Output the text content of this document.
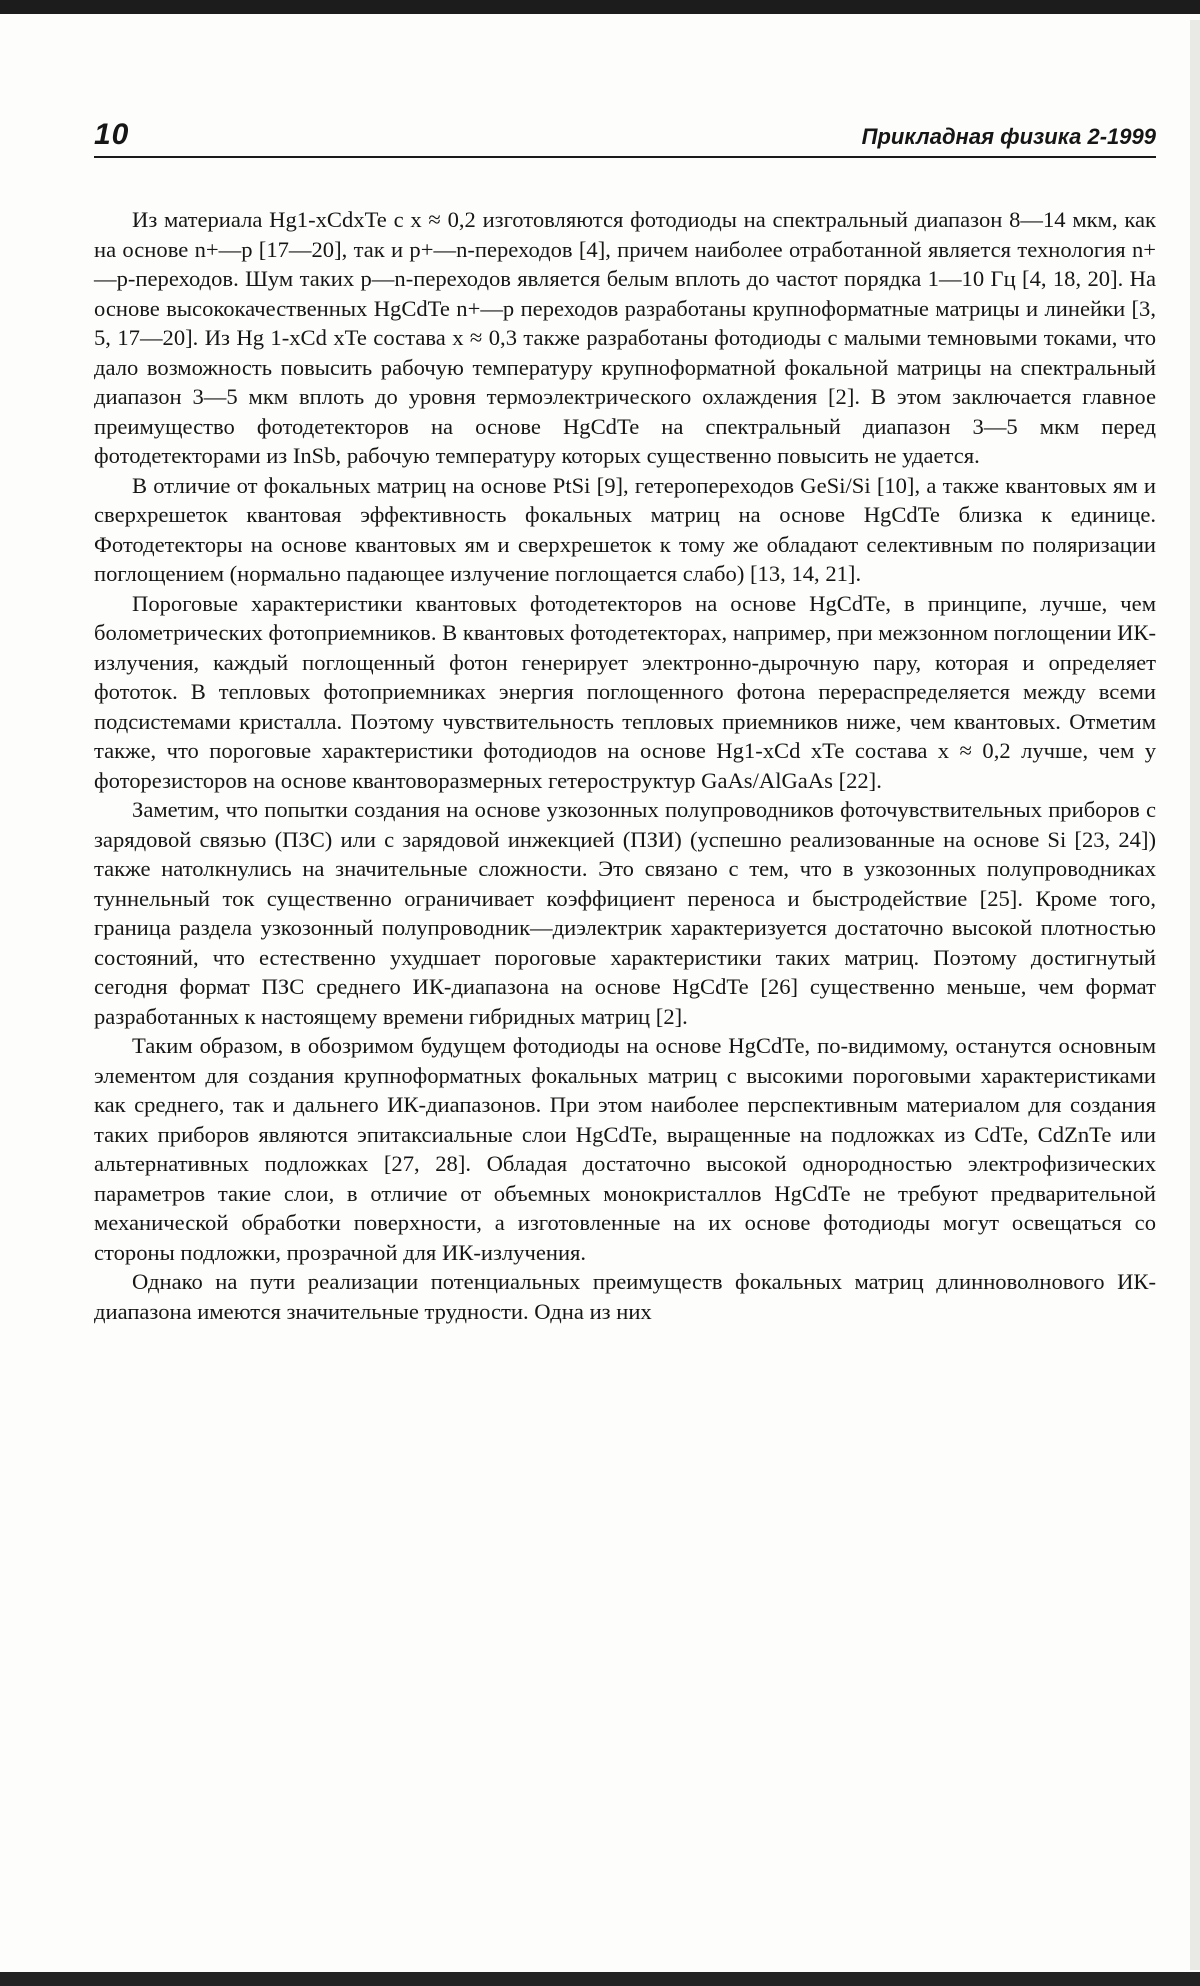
10	Прикладная физика 2-1999

Из материала Hg1-xCdxTe с x ≈ 0,2 изготовляются фотодиоды на спектральный диапазон 8—14 мкм, как на основе n+—p [17—20], так и p+—n-переходов [4], причем наиболее отработанной является технология n+—p-переходов. Шум таких p—n-переходов является белым вплоть до частот порядка 1—10 Гц [4, 18, 20]. На основе высококачественных HgCdTe n+—p переходов разработаны крупноформатные матрицы и линейки [3, 5, 17—20]. Из Hg 1-xCd xTe состава x ≈ 0,3 также разработаны фотодиоды с малыми темновыми токами, что дало возможность повысить рабочую температуру крупноформатной фокальной матрицы на спектральный диапазон 3—5 мкм вплоть до уровня термоэлектрического охлаждения [2]. В этом заключается главное преимущество фотодетекторов на основе HgCdTe на спектральный диапазон 3—5 мкм перед фотодетекторами из InSb, рабочую температуру которых существенно повысить не удается.

В отличие от фокальных матриц на основе PtSi [9], гетеропереходов GeSi/Si [10], а также квантовых ям и сверхрешеток квантовая эффективность фокальных матриц на основе HgCdTe близка к единице. Фотодетекторы на основе квантовых ям и сверхрешеток к тому же обладают селективным по поляризации поглощением (нормально падающее излучение поглощается слабо) [13, 14, 21].

Пороговые характеристики квантовых фотодетекторов на основе HgCdTe, в принципе, лучше, чем болометрических фотоприемников. В квантовых фотодетекторах, например, при межзонном поглощении ИК-излучения, каждый поглощенный фотон генерирует электронно-дырочную пару, которая и определяет фототок. В тепловых фотоприемниках энергия поглощенного фотона перераспределяется между всеми подсистемами кристалла. Поэтому чувствительность тепловых приемников ниже, чем квантовых. Отметим также, что пороговые характеристики фотодиодов на основе Hg1-xCd xTe состава x ≈ 0,2 лучше, чем у фоторезисторов на основе квантоворазмерных гетероструктур GaAs/AlGaAs [22].

Заметим, что попытки создания на основе узкозонных полупроводников фоточувствительных приборов с зарядовой связью (ПЗС) или с зарядовой инжекцией (ПЗИ) (успешно реализованные на основе Si [23, 24]) также натолкнулись на значительные сложности. Это связано с тем, что в узкозонных полупроводниках туннельный ток существенно ограничивает коэффициент переноса и быстродействие [25]. Кроме того, граница раздела узкозонный полупроводник—диэлектрик характеризуется достаточно высокой плотностью состояний, что естественно ухудшает пороговые характеристики таких матриц. Поэтому достигнутый сегодня формат ПЗС среднего ИК-диапазона на основе HgCdTe [26] существенно меньше, чем формат разработанных к настоящему времени гибридных матриц [2].

Таким образом, в обозримом будущем фотодиоды на основе HgCdTe, по-видимому, останутся основным элементом для создания крупноформатных фокальных матриц с высокими пороговыми характеристиками как среднего, так и дальнего ИК-диапазонов. При этом наиболее перспективным материалом для создания таких приборов являются эпитаксиальные слои HgCdTe, выращенные на подложках из CdTe, CdZnTe или альтернативных подложках [27, 28]. Обладая достаточно высокой однородностью электрофизических параметров такие слои, в отличие от объемных монокристаллов HgCdTe не требуют предварительной механической обработки поверхности, а изготовленные на их основе фотодиоды могут освещаться со стороны подложки, прозрачной для ИК-излучения.

Однако на пути реализации потенциальных преимуществ фокальных матриц длинноволнового ИК-диапазона имеются значительные трудности. Одна из них
